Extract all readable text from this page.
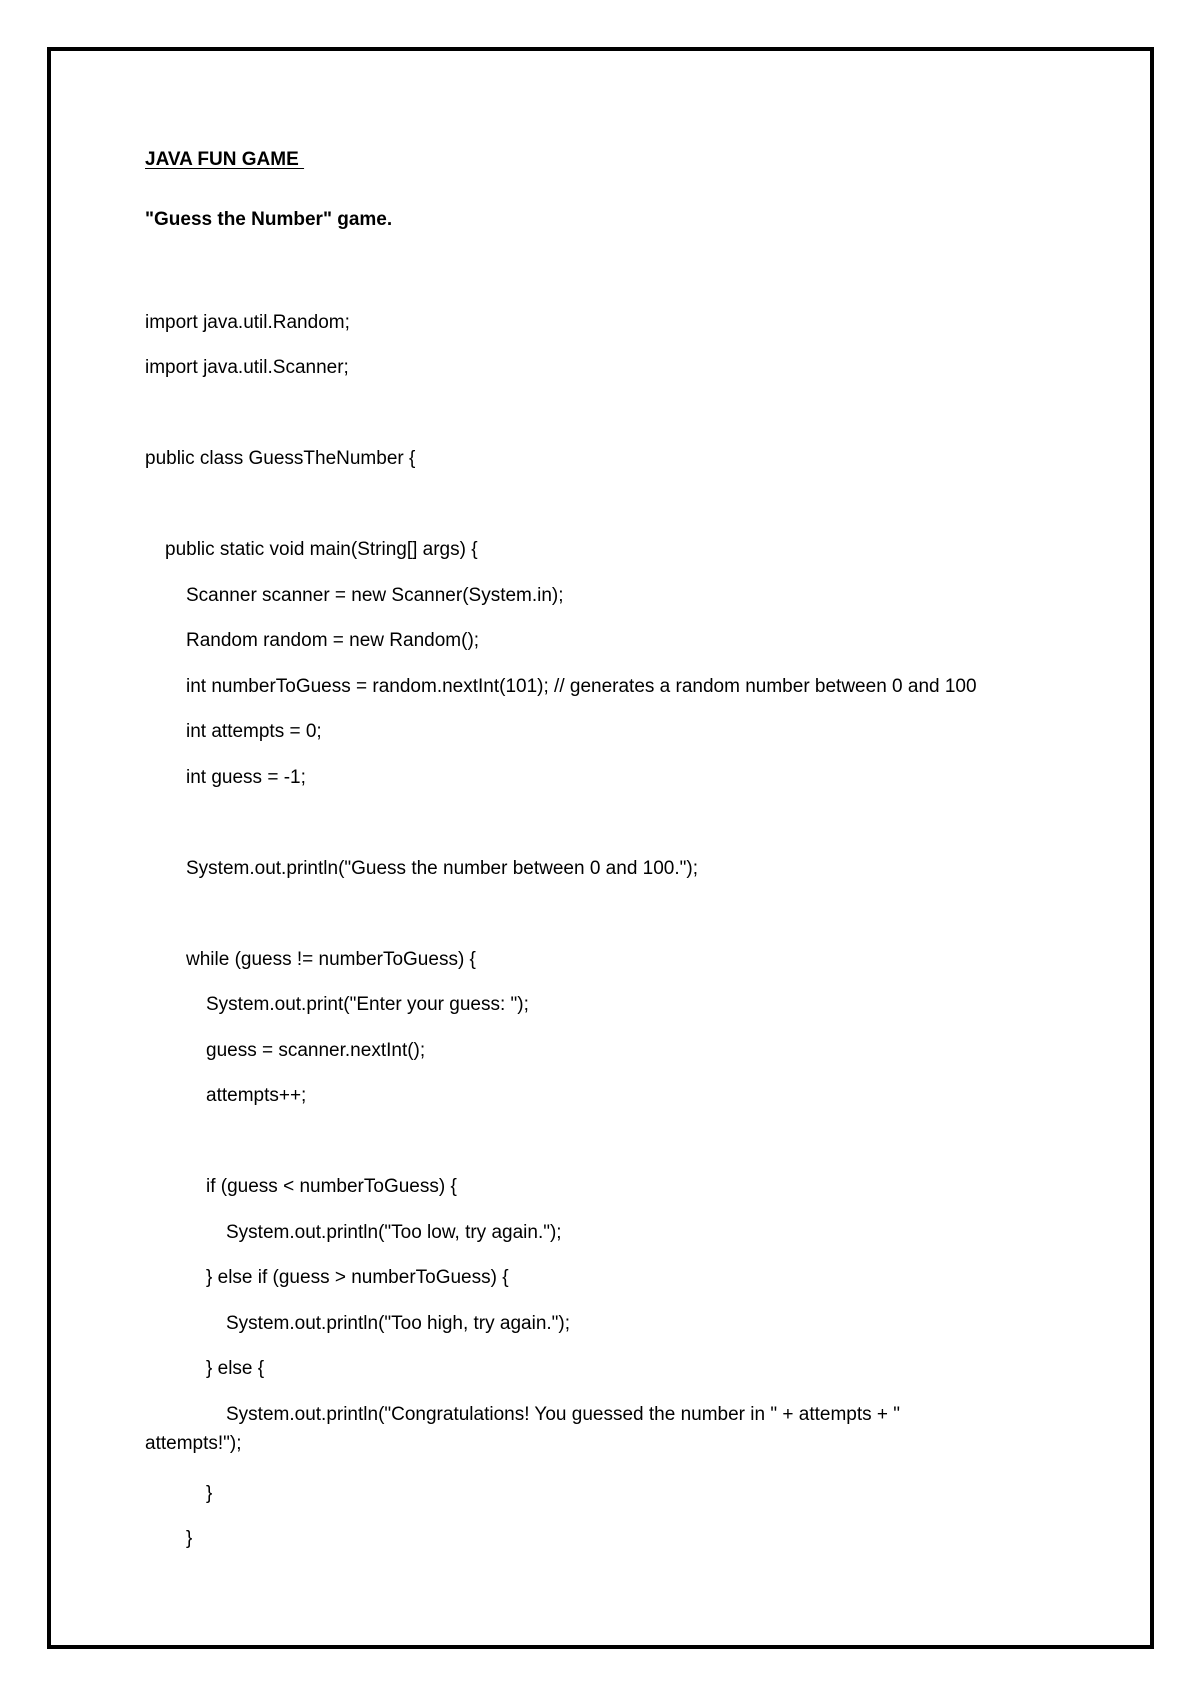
JAVA FUN GAME

"Guess the Number" game.

import java.util.Random;

import java.util.Scanner;

public class GuessTheNumber {

public static void main(String[] args) {

Scanner scanner = new Scanner(System.in);

Random random = new Random();

int numberToGuess = random.nextInt(101); // generates a random number between 0 and 100

int attempts = 0;

int guess = -1;

System.out.println("Guess the number between 0 and 100.");

while (guess != numberToGuess) {

System.out.print("Enter your guess: ");

guess = scanner.nextInt();

attempts++;

if (guess < numberToGuess) {

System.out.println("Too low, try again.");

} else if (guess > numberToGuess) {

System.out.println("Too high, try again.");

} else {

System.out.println("Congratulations! You guessed the number in " + attempts + "

attempts!");

}

}
